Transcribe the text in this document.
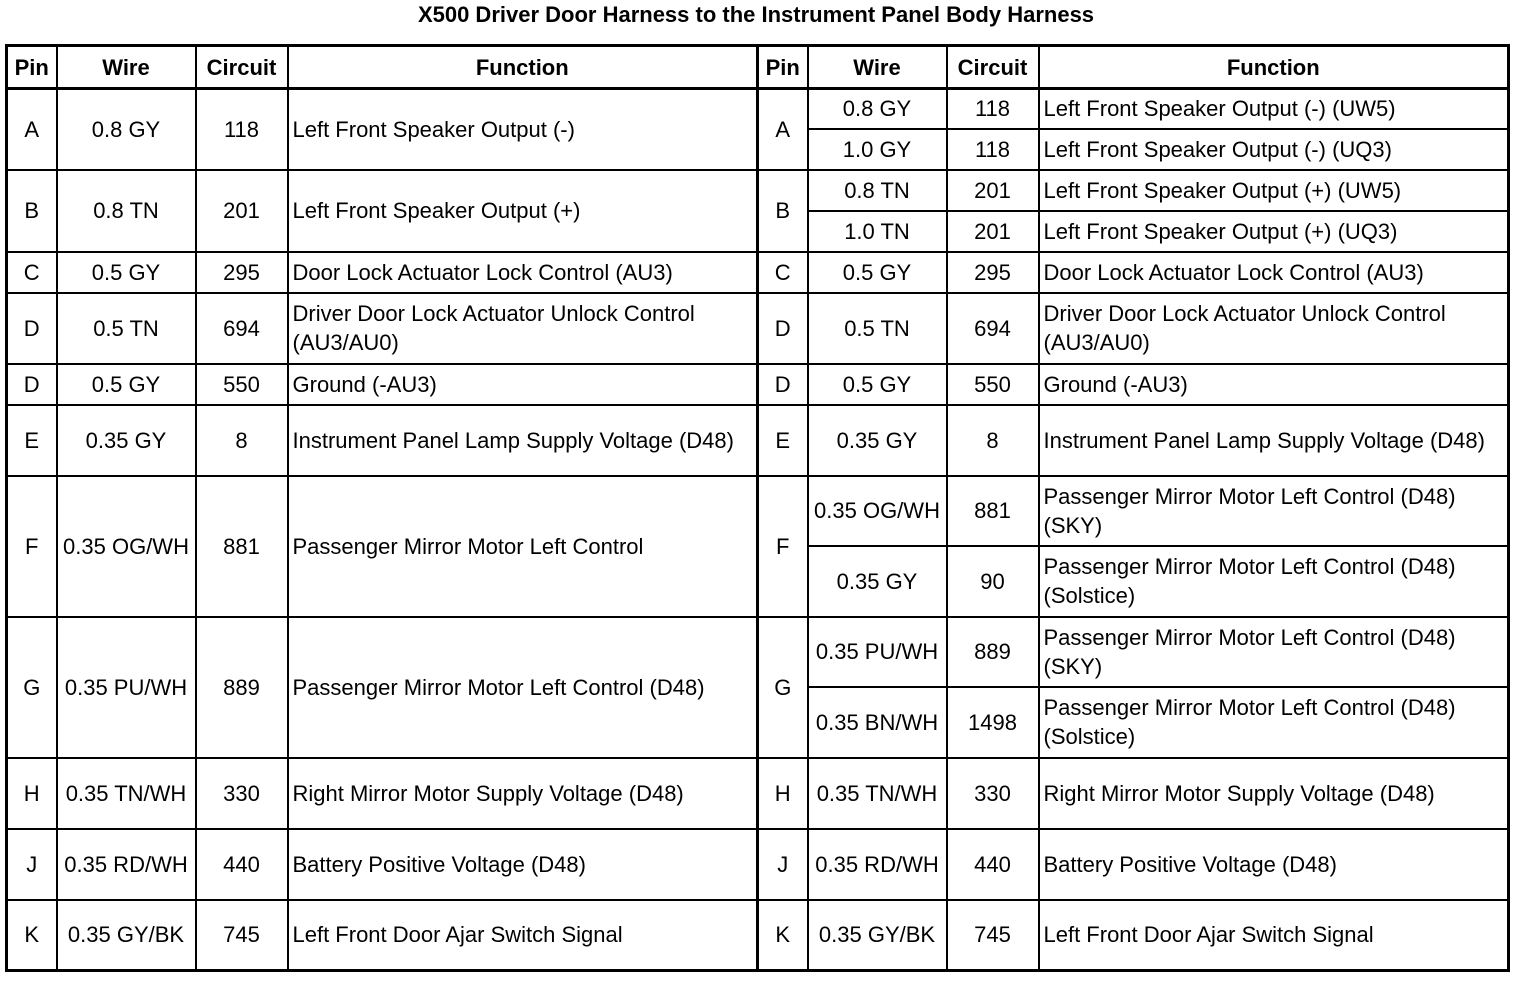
X500 Driver Door Harness to the Instrument Panel Body Harness
Pin	Wire	Circuit	Function	Pin	Wire	Circuit	Function
A	0.8 GY	118	Left Front Speaker Output (-)	A	0.8 GY	118	Left Front Speaker Output (-) (UW5)
					1.0 GY	118	Left Front Speaker Output (-) (UQ3)
B	0.8 TN	201	Left Front Speaker Output (+)	B	0.8 TN	201	Left Front Speaker Output (+) (UW5)
					1.0 TN	201	Left Front Speaker Output (+) (UQ3)
C	0.5 GY	295	Door Lock Actuator Lock Control (AU3)	C	0.5 GY	295	Door Lock Actuator Lock Control (AU3)
D	0.5 TN	694	Driver Door Lock Actuator Unlock Control (AU3/AU0)	D	0.5 TN	694	Driver Door Lock Actuator Unlock Control (AU3/AU0)
D	0.5 GY	550	Ground (-AU3)	D	0.5 GY	550	Ground (-AU3)
E	0.35 GY	8	Instrument Panel Lamp Supply Voltage (D48)	E	0.35 GY	8	Instrument Panel Lamp Supply Voltage (D48)
F	0.35 OG/WH	881	Passenger Mirror Motor Left Control	F	0.35 OG/WH	881	Passenger Mirror Motor Left Control (D48) (SKY)
					0.35 GY	90	Passenger Mirror Motor Left Control (D48) (Solstice)
G	0.35 PU/WH	889	Passenger Mirror Motor Left Control (D48)	G	0.35 PU/WH	889	Passenger Mirror Motor Left Control (D48) (SKY)
					0.35 BN/WH	1498	Passenger Mirror Motor Left Control (D48) (Solstice)
H	0.35 TN/WH	330	Right Mirror Motor Supply Voltage (D48)	H	0.35 TN/WH	330	Right Mirror Motor Supply Voltage (D48)
J	0.35 RD/WH	440	Battery Positive Voltage (D48)	J	0.35 RD/WH	440	Battery Positive Voltage (D48)
K	0.35 GY/BK	745	Left Front Door Ajar Switch Signal	K	0.35 GY/BK	745	Left Front Door Ajar Switch Signal
